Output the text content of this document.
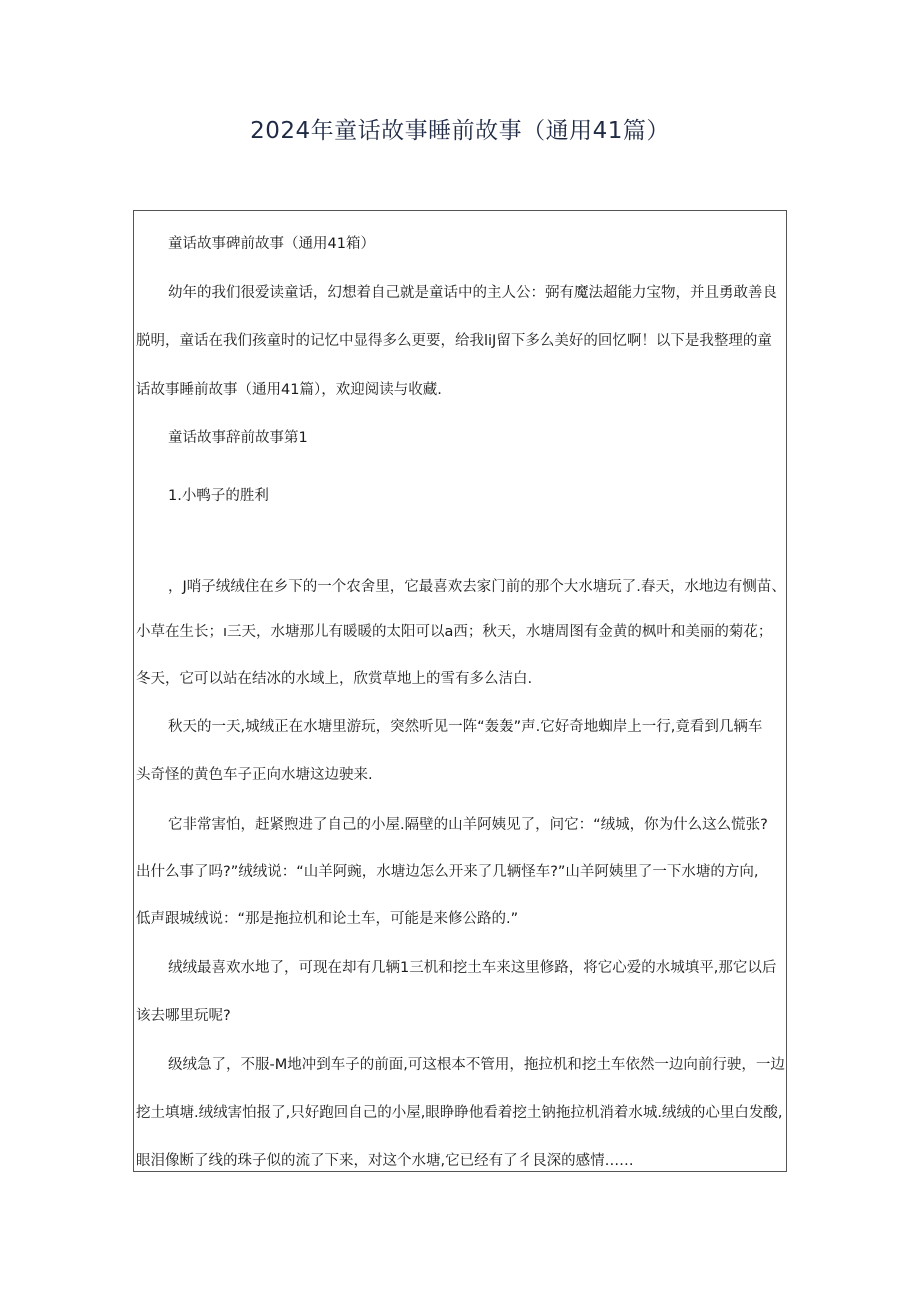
2024年童话故事睡前故事（通用41篇）
童话故事碑前故事（通用41箱）
幼年的我们很爱读童话，幻想着自己就是童话中的主人公：弼有魔法超能力宝物，并且勇敢善良
脱明，童话在我们孩童时的记忆中显得多么更要，给我liJ留下多么美好的回忆啊！以下是我整理的童
话故事睡前故事（通用41篇），欢迎阅读与收藏.
童话故事辞前故事第1
1.小鸭子的胜利
，J哨子绒绒住在乡下的一个农舍里，它最喜欢去家门前的那个大水塘玩了.春天，水地边有恻苗、
小草在生长；ı三天，水塘那儿有暖暖的太阳可以a西；秋天，水塘周图有金黄的枫叶和美丽的菊花；
冬天，它可以站在结冰的水域上，欣赏草地上的雪有多么洁白.
秋天的一天,城绒正在水塘里游玩，突然听见一阵“轰轰”声.它好奇地蜘岸上一行,竟看到几辆车
头奇怪的黄色车子正向水塘这边驶来.
它非常害怕，赶紧煦进了自己的小屋.隔壁的山羊阿姨见了，问它：“绒城，你为什么这么慌张?
出什么事了吗?”绒绒说：“山羊阿豌，水塘边怎么开来了几辆怪车?”山羊阿姨里了一下水塘的方向,
低声跟城绒说：“那是拖拉机和论土车，可能是来修公路的.”
绒绒最喜欢水地了，可现在却有几辆1三机和挖土车来这里修路，将它心爱的水城填平,那它以后
该去哪里玩呢?
级绒急了，不服-M地冲到车子的前面,可这根本不管用，拖拉机和挖土车依然一边向前行驶，一边
挖土填塘.绒绒害怕报了,只好跑回自己的小屋,眼睁睁他看着挖土钠拖拉机消着水城.绒绒的心里白发酸,
眼泪像断了线的珠子似的流了下来，对这个水塘,它已经有了彳艮深的感情……
